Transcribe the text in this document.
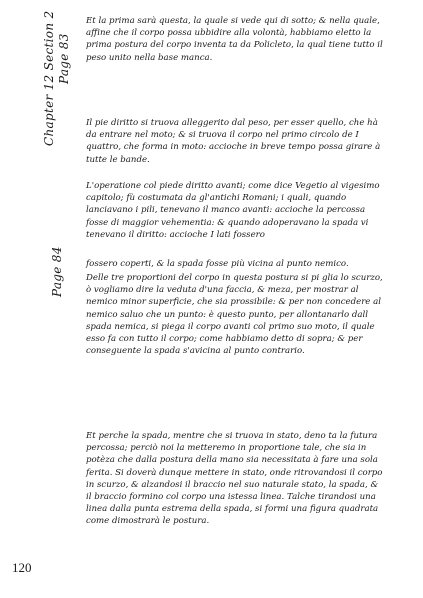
Chapter 12 Section 2 Page 83
Page 84

Et la prima sarà questa, la quale si vede qui di sotto; & nella quale, affine che il corpo possa ubbidire alla volontà, habbiamo eletto la prima postura del corpo inventa ta da Policleto, la qual tiene tutto il peso unito nella base manca.

Il pie diritto si truova alleggerito dal peso, per esser quello, che hà da entrare nel moto; & si truova il corpo nel primo circolo de I quattro, che forma in moto: accioche in breve tempo possa girare à tutte le bande.

L'operatione col piede diritto avanti; come dice Vegetio al vigesimo capitolo; fù costumata da gl'antichi Romani; i quali, quando lanciavano i pili, tenevano il manco avanti: accioche la percossa fosse di maggior vehementia: & quando adoperavano la spada vi tenevano il diritto: accioche I lati fossero

fossero coperti, & la spada fosse più vicina al punto nemico.

Delle tre proportioni del corpo in questa postura si pi glia lo scurzo, ò vogliamo dire la veduta d'una faccia, & meza, per mostrar al nemico minor superficie, che sia prossibile: & per non concedere al nemico saluo che un punto: è questo punto, per allontanarlo dall spada nemica, si piega il corpo avanti col primo suo moto, il quale esso fa con tutto il corpo; come habbiamo detto di sopra; & per conseguente la spada s'avicina al punto contrario.

Et perche la spada, mentre che si truova in stato, deno ta la futura percossa; perciò noi la metteremo in proportione tale, che sia in potèza che dalla postura della mano sia necessitata à fare una sola ferita. Si doverà dunque mettere in stato, onde ritrovandosi il corpo in scurzo, & alzandosi il braccio nel suo naturale stato, la spada, & il braccio formino col corpo una istessa linea. Talche tirandosi una linea dalla punta estrema della spada, si formi una figura quadrata come dimostrarà le postura.

120
